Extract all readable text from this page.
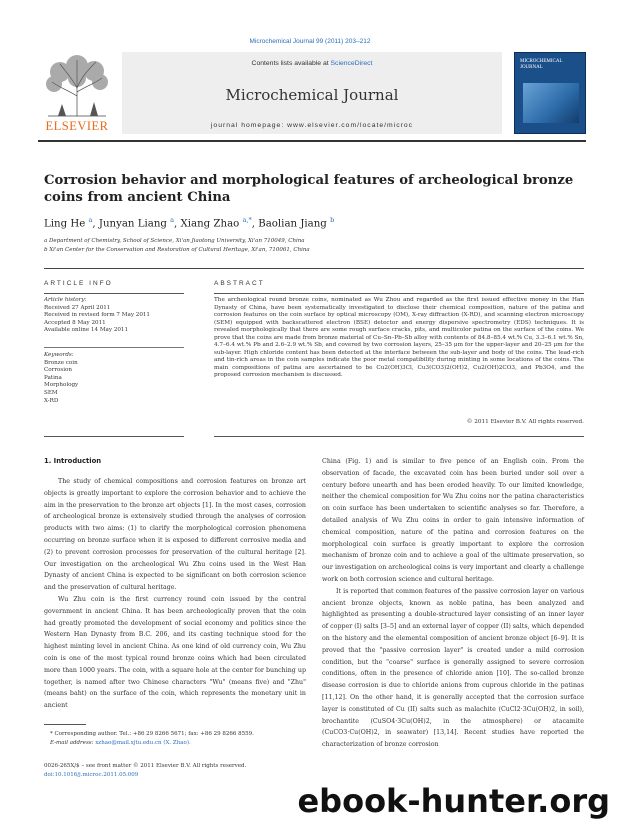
Microchemical Journal 99 (2011) 203–212
ELSEVIER
Contents lists available at ScienceDirect
Microchemical Journal
journal homepage: www.elsevier.com/locate/microc
MICROCHEMICAL JOURNAL
Corrosion behavior and morphological features of archeological bronze coins from ancient China
Ling He $^a$, Junyan Liang $^a$, Xiang Zhao $^{a,*}$, Baolian Jiang $^b$
a Department of Chemistry, School of Science, Xi'an Jiaotong University, Xi'an 710049, China
b Xi'an Center for the Conservation and Restoration of Cultural Heritage, Xi'an, 710061, China
ARTICLE INFO	ABSTRACT
Article history:
Received 27 April 2011
Received in revised form 7 May 2011
Accepted 8 May 2011
Available online 14 May 2011
Keywords:
Bronze coin
Corrosion
Patina
Morphology
SEM
X-RD
The archeological round bronze coins, nominated as Wu Zhou and regarded as the first issued effective money in the Han Dynasty of China, have been systematically investigated to disclose their chemical composition, nature of the patina and corrosion features on the coin surface by optical microscopy (OM), X-ray diffraction (X-RD), and scanning electron microscopy (SEM) equipped with backscattered electron (BSE) detector and energy dispersive spectrometry (EDS) techniques. It is revealed morphologically that there are some rough surface cracks, pits, and multicolor patina on the surface of the coins. We prove that the coins are made from bronze material of Cu–Sn–Pb–Sb alloy with contents of 84.8–85.4 wt.% Cu, 3.3–6.1 wt.% Sn, 4.7–6.4 wt.% Pb and 2.6–2.9 wt.% Sb, and covered by two corrosion layers, 25–35 μm for the upper-layer and 20–25 μm for the sub-layer. High chloride content has been detected at the interface between the sub-layer and body of the coins. The lead-rich and tin-rich areas in the coin samples indicate the poor metal compatibility during minting in some locations of the coins. The main compositions of patina are ascertained to be Cu2(OH)3Cl, Cu3(CO3)2(OH)2, Cu2(OH)2CO3, and Pb3O4, and the proposed corrosion mechanism is discussed.
© 2011 Elsevier B.V. All rights reserved.
1. Introduction

The study of chemical compositions and corrosion features on bronze art objects is greatly important to explore the corrosion behavior and to achieve the aim in the preservation to the bronze art objects [1]. In the most cases, corrosion of archeological bronze is extensively studied through the analyses of corrosion products with two aims: (1) to clarify the morphological corrosion phenomena occurring on bronze surface when it is exposed to different corrosive media and (2) to prevent corrosion processes for preservation of the cultural heritage [2]. Our investigation on the archeological Wu Zhu coins used in the West Han Dynasty of ancient China is expected to be significant on both corrosion science and the preservation of cultural heritage.

Wu Zhu coin is the first currency round coin issued by the central government in ancient China. It has been archeologically proven that the coin had greatly promoted the development of social economy and politics since the Western Han Dynasty from B.C. 206, and its casting technique stood for the highest minting level in ancient China. As one kind of old currency coin, Wu Zhu coin is one of the most typical round bronze coins which had been circulated more than 1000 years. The coin, with a square hole at the center for bunching up together, is named after two Chinese characters "Wu" (means five) and "Zhu" (means baht) on the surface of the coin, which represents the monetary unit in ancient

China (Fig. 1) and is similar to five pence of an English coin. From the observation of facade, the excavated coin has been buried under soil over a century before unearth and has been eroded heavily. To our limited knowledge, neither the chemical composition for Wu Zhu coins nor the patina characteristics on coin surface has been undertaken to scientific analyses so far. Therefore, a detailed analysis of Wu Zhu coins in order to gain intensive information of chemical composition, nature of the patina and corrosion features on the morphological coin surface is greatly important to explore the corrosion mechanism of bronze coin and to achieve a goal of the ultimate preservation, so our investigation on archeological coins is very important and clearly a challenge work on both corrosion science and cultural heritage.

It is reported that common features of the passive corrosion layer on various ancient bronze objects, known as noble patina, has been analyzed and highlighted as presenting a double-structured layer consisting of an inner layer of copper (I) salts [3–5] and an external layer of copper (II) salts, which depended on the history and the elemental composition of ancient bronze object [6–9]. It is proved that the "passive corrosion layer" is created under a mild corrosion condition, but the "coarse" surface is generally assigned to severe corrosion conditions, often in the presence of chloride anion [10]. The so-called bronze disease corrosion is due to chloride anions from cuprous chloride in the patinas [11,12]. On the other hand, it is generally accepted that the corrosion surface layer is constituted of Cu (II) salts such as malachite (CuCl2·3Cu(OH)2, in soil), brochantite (CuSO4·3Cu(OH)2, in the atmosphere) or atacamite (CuCO3·Cu(OH)2, in seawater) [13,14]. Recent studies have reported the characterization of bronze corrosion

* Corresponding author. Tel.: +86 29 8266 5671; fax: +86 29 8266 8559.
E-mail address: xzhao@mail.xjtu.edu.cn (X. Zhao).
0026-265X/$ – see front matter © 2011 Elsevier B.V. All rights reserved.
doi:10.1016/j.microc.2011.05.009
ebook-hunter.org
